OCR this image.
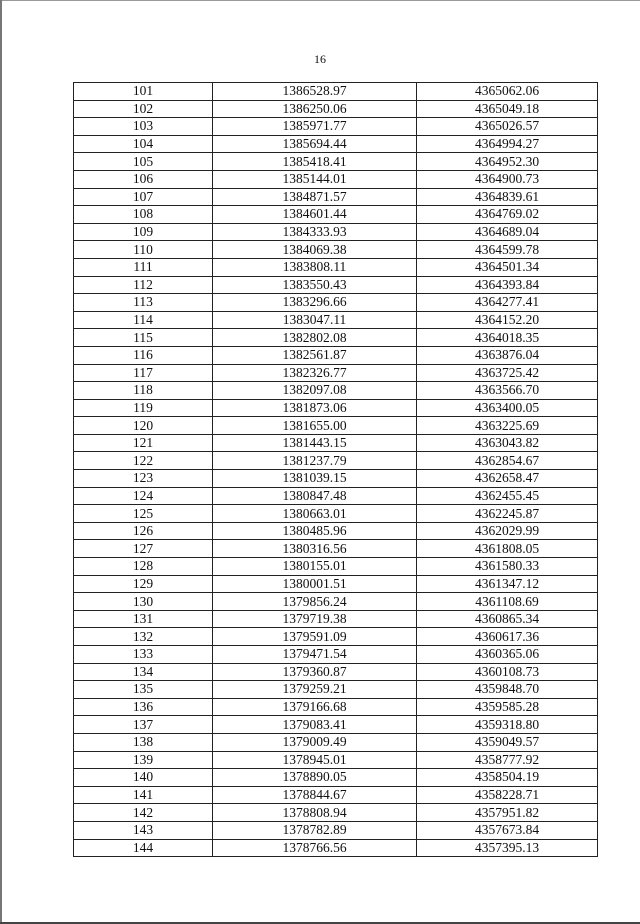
16
101	1386528.97	4365062.06
102	1386250.06	4365049.18
103	1385971.77	4365026.57
104	1385694.44	4364994.27
105	1385418.41	4364952.30
106	1385144.01	4364900.73
107	1384871.57	4364839.61
108	1384601.44	4364769.02
109	1384333.93	4364689.04
110	1384069.38	4364599.78
111	1383808.11	4364501.34
112	1383550.43	4364393.84
113	1383296.66	4364277.41
114	1383047.11	4364152.20
115	1382802.08	4364018.35
116	1382561.87	4363876.04
117	1382326.77	4363725.42
118	1382097.08	4363566.70
119	1381873.06	4363400.05
120	1381655.00	4363225.69
121	1381443.15	4363043.82
122	1381237.79	4362854.67
123	1381039.15	4362658.47
124	1380847.48	4362455.45
125	1380663.01	4362245.87
126	1380485.96	4362029.99
127	1380316.56	4361808.05
128	1380155.01	4361580.33
129	1380001.51	4361347.12
130	1379856.24	4361108.69
131	1379719.38	4360865.34
132	1379591.09	4360617.36
133	1379471.54	4360365.06
134	1379360.87	4360108.73
135	1379259.21	4359848.70
136	1379166.68	4359585.28
137	1379083.41	4359318.80
138	1379009.49	4359049.57
139	1378945.01	4358777.92
140	1378890.05	4358504.19
141	1378844.67	4358228.71
142	1378808.94	4357951.82
143	1378782.89	4357673.84
144	1378766.56	4357395.13
